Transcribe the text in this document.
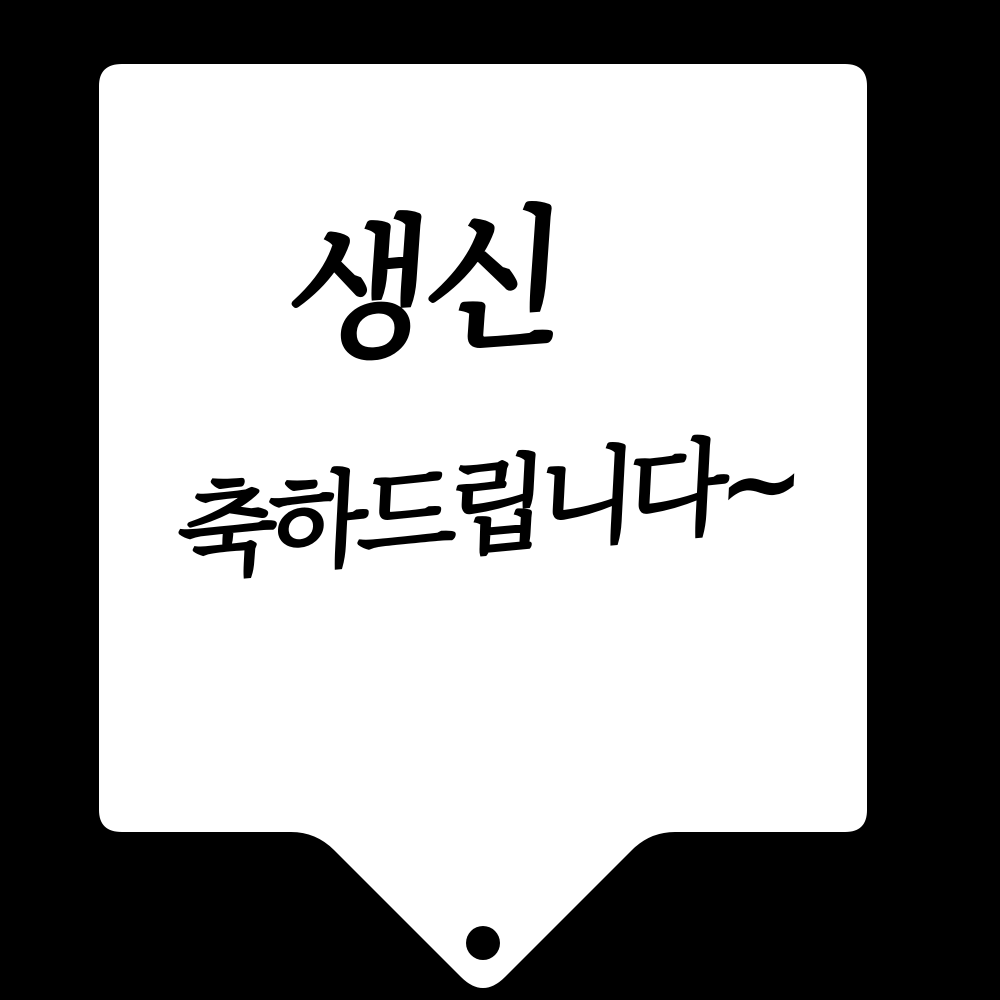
생신
축하드립니다~
